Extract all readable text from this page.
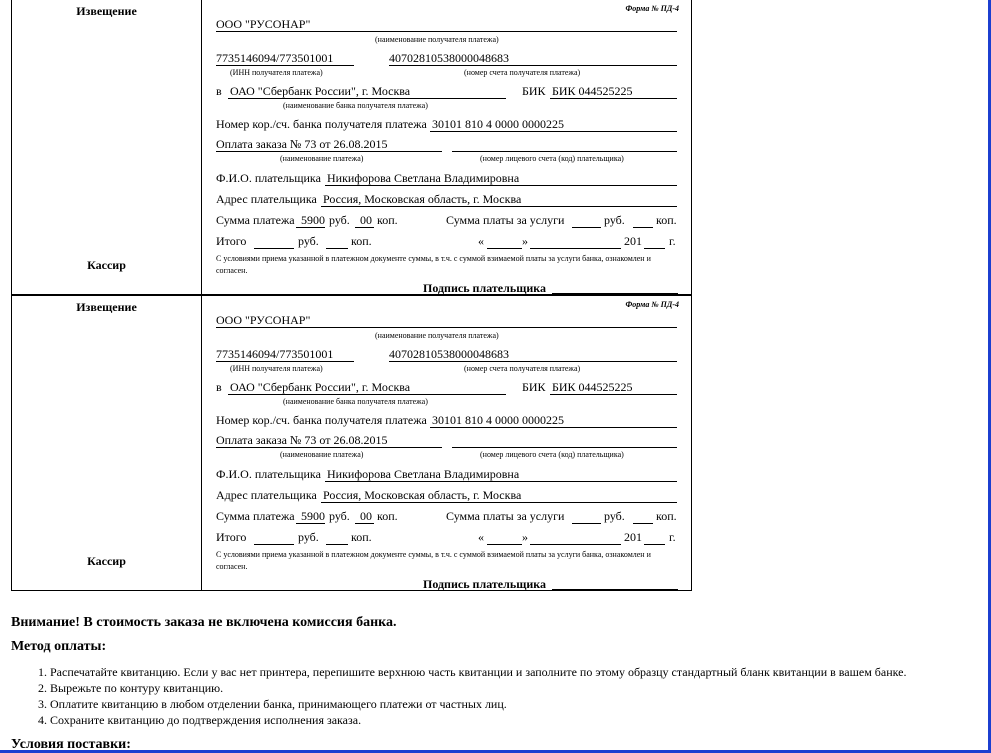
Извещение
Кассир
Форма № ПД-4
ООО "РУСОНАР"
(наименование получателя платежа)
7735146094/773501001	40702810538000048683
(ИНН получателя платежа)	(номер счета получателя платежа)
в ОАО "Сбербанк России", г. Москва	БИК БИК 044525225
(наименование банка получателя платежа)
Номер кор./сч. банка получателя платежа 30101 810 4 0000 0000225
Оплата заказа № 73 от 26.08.2015
(наименование платежа)	(номер лицевого счета (код) плательщика)
Ф.И.О. плательщика Никифорова Светлана Владимировна
Адрес плательщика Россия, Московская область, г. Москва
Сумма платежа 5900 руб. 00 коп.	Сумма платы за услуги	руб.	коп.
Итого	руб.	коп.	«	»	201 г.
С условиями приема указанной в платежном документе суммы, в т.ч. с суммой взимаемой платы за услуги банка, ознакомлен и согласен.
Подпись плательщика
Извещение
Кассир
Форма № ПД-4
ООО "РУСОНАР"
(наименование получателя платежа)
7735146094/773501001	40702810538000048683
(ИНН получателя платежа)	(номер счета получателя платежа)
в ОАО "Сбербанк России", г. Москва	БИК БИК 044525225
(наименование банка получателя платежа)
Номер кор./сч. банка получателя платежа 30101 810 4 0000 0000225
Оплата заказа № 73 от 26.08.2015
(наименование платежа)	(номер лицевого счета (код) плательщика)
Ф.И.О. плательщика Никифорова Светлана Владимировна
Адрес плательщика Россия, Московская область, г. Москва
Сумма платежа 5900 руб. 00 коп.	Сумма платы за услуги	руб.	коп.
Итого	руб.	коп.	«	»	201 г.
С условиями приема указанной в платежном документе суммы, в т.ч. с суммой взимаемой платы за услуги банка, ознакомлен и согласен.
Подпись плательщика
Внимание! В стоимость заказа не включена комиссия банка.
Метод оплаты:
1. Распечатайте квитанцию. Если у вас нет принтера, перепишите верхнюю часть квитанции и заполните по этому образцу стандартный бланк квитанции в вашем банке.
2. Вырежьте по контуру квитанцию.
3. Оплатите квитанцию в любом отделении банка, принимающего платежи от частных лиц.
4. Сохраните квитанцию до подтверждения исполнения заказа.
Условия поставки:
